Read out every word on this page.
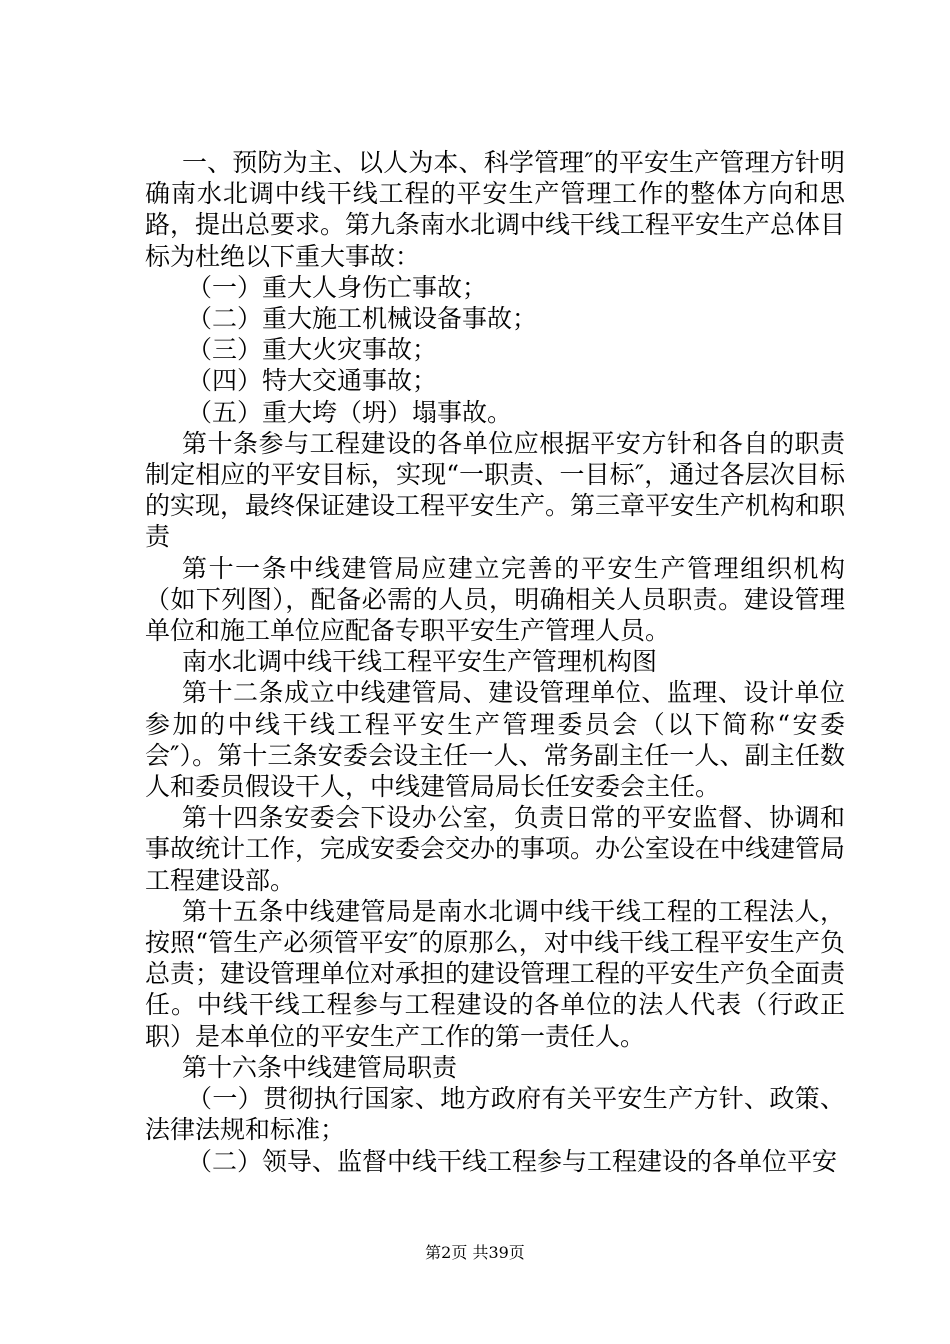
一、预防为主、以人为本、科学管理″的平安生产管理方针明确南水北调中线干线工程的平安生产管理工作的整体方向和思路，提出总要求。第九条南水北调中线干线工程平安生产总体目标为杜绝以下重大事故：

（一）重大人身伤亡事故；

（二）重大施工机械设备事故；

（三）重大火灾事故；

（四）特大交通事故；

（五）重大垮（坍）塌事故。

第十条参与工程建设的各单位应根据平安方针和各自的职责制定相应的平安目标，实现“一职责、一目标″，通过各层次目标的实现，最终保证建设工程平安生产。第三章平安生产机构和职责

第十一条中线建管局应建立完善的平安生产管理组织机构（如下列图），配备必需的人员，明确相关人员职责。建设管理单位和施工单位应配备专职平安生产管理人员。

南水北调中线干线工程平安生产管理机构图

第十二条成立中线建管局、建设管理单位、监理、设计单位参加的中线干线工程平安生产管理委员会（以下简称“安委会″）。第十三条安委会设主任一人、常务副主任一人、副主任数人和委员假设干人，中线建管局局长任安委会主任。

第十四条安委会下设办公室，负责日常的平安监督、协调和事故统计工作，完成安委会交办的事项。办公室设在中线建管局工程建设部。

第十五条中线建管局是南水北调中线干线工程的工程法人，按照“管生产必须管平安″的原那么，对中线干线工程平安生产负总责；建设管理单位对承担的建设管理工程的平安生产负全面责任。中线干线工程参与工程建设的各单位的法人代表（行政正职）是本单位的平安生产工作的第一责任人。

第十六条中线建管局职责

（一）贯彻执行国家、地方政府有关平安生产方针、政策、法律法规和标准；

（二）领导、监督中线干线工程参与工程建设的各单位平安

第2页 共39页
